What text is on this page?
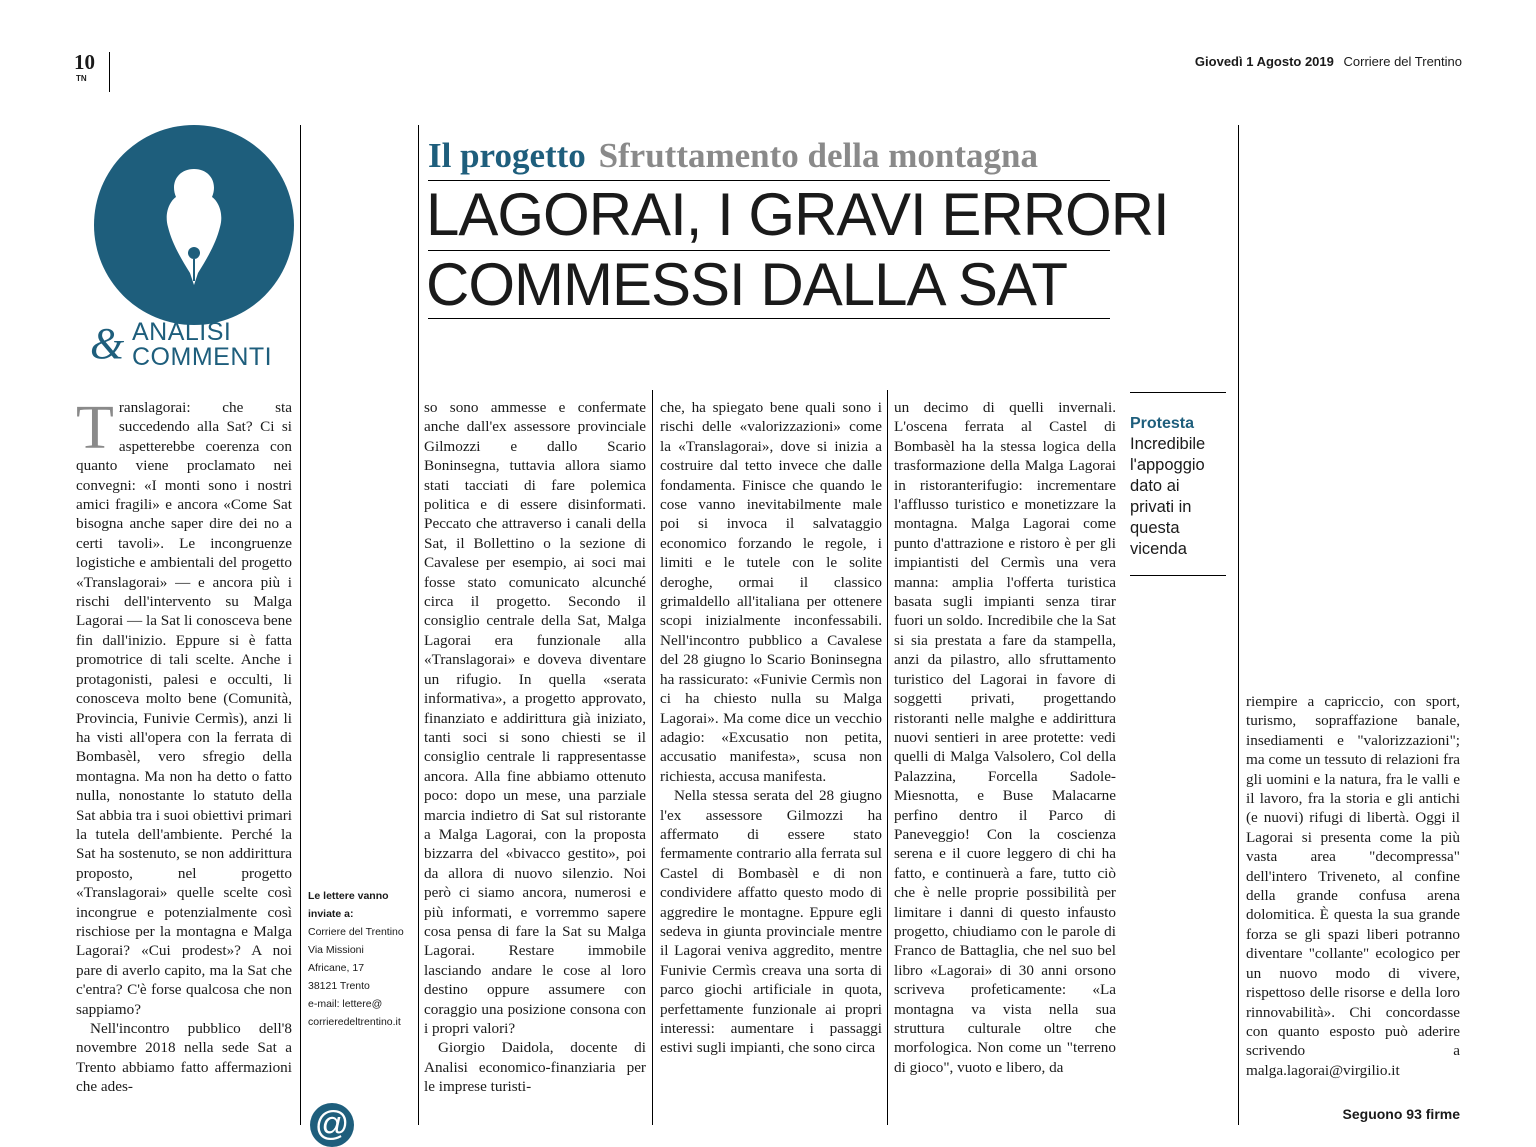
10
TN
Giovedì 1 Agosto 2019 Corriere del Trentino
& ANALISI
COMMENTI

T ranslagorai: che sta succedendo alla Sat? Ci si aspetterebbe coerenza con quanto viene proclamato nei convegni: «I monti sono i nostri amici fragili» e ancora «Come Sat bisogna anche saper dire dei no a certi tavoli». Le incongruenze logistiche e ambientali del progetto «Translagorai» — e ancora più i rischi dell'intervento su Malga Lagorai — la Sat li conosceva bene fin dall'inizio. Eppure si è fatta promotrice di tali scelte. Anche i protagonisti, palesi e occulti, li conosceva molto bene (Comunità, Provincia, Funivie Cermìs), anzi li ha visti all'opera con la ferrata di Bombasèl, vero sfregio della montagna. Ma non ha detto o fatto nulla, nonostante lo statuto della Sat abbia tra i suoi obiettivi primari la tutela dell'ambiente. Perché la Sat ha sostenuto, se non addirittura proposto, nel progetto «Translagorai» quelle scelte così incongrue e potenzialmente così rischiose per la montagna e Malga Lagorai? «Cui prodest»? A noi pare di averlo capito, ma la Sat che c'entra? C'è forse qualcosa che non sappiamo?

Nell'incontro pubblico dell'8 novembre 2018 nella sede Sat a Trento abbiamo fatto affermazioni che ades-

Le lettere vanno inviate a:
Corriere del Trentino
Via Missioni
Africane, 17
38121 Trento
e-mail: lettere@
corrieredeltrentino.it
@
Il progetto Sfruttamento della montagna
LAGORAI, I GRAVI ERRORI
COMMESSI DALLA SAT

so sono ammesse e confermate anche dall'ex assessore provinciale Gilmozzi e dallo Scario Boninsegna, tuttavia allora siamo stati tacciati di fare polemica politica e di essere disinformati. Peccato che attraverso i canali della Sat, il Bollettino o la sezione di Cavalese per esempio, ai soci mai fosse stato comunicato alcunché circa il progetto. Secondo il consiglio centrale della Sat, Malga Lagorai era funzionale alla «Translagorai» e doveva diventare un rifugio. In quella «serata informativa», a progetto approvato, finanziato e addirittura già iniziato, tanti soci si sono chiesti se il consiglio centrale li rappresentasse ancora. Alla fine abbiamo ottenuto poco: dopo un mese, una parziale marcia indietro di Sat sul ristorante a Malga Lagorai, con la proposta bizzarra del «bivacco gestito», poi da allora di nuovo silenzio. Noi però ci siamo ancora, numerosi e più informati, e vorremmo sapere cosa pensa di fare la Sat su Malga Lagorai. Restare immobile lasciando andare le cose al loro destino oppure assumere con coraggio una posizione consona con i propri valori?

Giorgio Daidola, docente di Analisi economico-finanziaria per le imprese turisti-

che, ha spiegato bene quali sono i rischi delle «valorizzazioni» come la «Translagorai», dove si inizia a costruire dal tetto invece che dalle fondamenta. Finisce che quando le cose vanno inevitabilmente male poi si invoca il salvataggio economico forzando le regole, i limiti e le tutele con le solite deroghe, ormai il classico grimaldello all'italiana per ottenere scopi inizialmente inconfessabili. Nell'incontro pubblico a Cavalese del 28 giugno lo Scario Boninsegna ha rassicurato: «Funivie Cermìs non ci ha chiesto nulla su Malga Lagorai». Ma come dice un vecchio adagio: «Excusatio non petita, accusatio manifesta», scusa non richiesta, accusa manifesta.

Nella stessa serata del 28 giugno l'ex assessore Gilmozzi ha affermato di essere stato fermamente contrario alla ferrata sul Castel di Bombasèl e di non condividere affatto questo modo di aggredire le montagne. Eppure egli sedeva in giunta provinciale mentre il Lagorai veniva aggredito, mentre Funivie Cermìs creava una sorta di parco giochi artificiale in quota, perfettamente funzionale ai propri interessi: aumentare i passaggi estivi sugli impianti, che sono circa

un decimo di quelli invernali. L'oscena ferrata al Castel di Bombasèl ha la stessa logica della trasformazione della Malga Lagorai in ristoranterifugio: incrementare l'afflusso turistico e monetizzare la montagna. Malga Lagorai come punto d'attrazione e ristoro è per gli impiantisti del Cermìs una vera manna: amplia l'offerta turistica basata sugli impianti senza tirar fuori un soldo. Incredibile che la Sat si sia prestata a fare da stampella, anzi da pilastro, allo sfruttamento turistico del Lagorai in favore di soggetti privati, progettando ristoranti nelle malghe e addirittura nuovi sentieri in aree protette: vedi quelli di Malga Valsolero, Col della Palazzina, Forcella Sadole-Miesnotta, e Buse Malacarne perfino dentro il Parco di Paneveggio! Con la coscienza serena e il cuore leggero di chi ha fatto, e continuerà a fare, tutto ciò che è nelle proprie possibilità per limitare i danni di questo infausto progetto, chiudiamo con le parole di Franco de Battaglia, che nel suo bel libro «Lagorai» di 30 anni orsono scriveva profeticamente: «La montagna va vista nella sua struttura culturale oltre che morfologica. Non come un "terreno di gioco", vuoto e libero, da

Protesta
Incredibile l'appoggio dato ai privati in questa vicenda

riempire a capriccio, con sport, turismo, sopraffazione banale, insediamenti e "valorizzazioni"; ma come un tessuto di relazioni fra gli uomini e la natura, fra le valli e il lavoro, fra la storia e gli antichi (e nuovi) rifugi di libertà. Oggi il Lagorai si presenta come la più vasta area "decompressa" dell'intero Triveneto, al confine della grande confusa arena dolomitica. È questa la sua grande forza se gli spazi liberi potranno diventare "collante" ecologico per un nuovo modo di vivere, rispettoso delle risorse e della loro rinnovabilità». Chi concordasse con quanto esposto può aderire scrivendo a malga.lagorai@virgilio.it

Seguono 93 firme
